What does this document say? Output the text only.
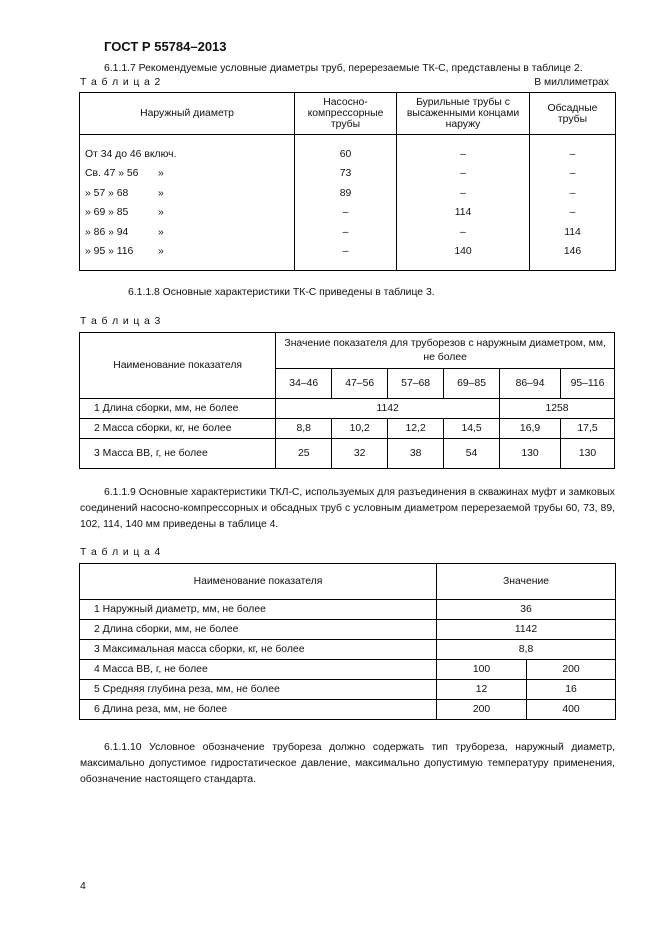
ГОСТ Р 55784–2013
6.1.1.7 Рекомендуемые условные диаметры труб, перерезаемые ТК-С, представлены в таблице 2.
Т а б л и ц а 2	В миллиметрах
Наружный диаметр	Насосно-компрессорные трубы	Бурильные трубы с высаженными концами наружу	Обсадные трубы
От 34 до 46 включ.	60	–	–
Св. 47 » 56 »	73	–	–
» 57 » 68 »	89	–	–
» 69 » 85 »	–	114	–
» 86 » 94 »	–	–	114
» 95 » 116 »	–	140	146
6.1.1.8 Основные характеристики ТК-С приведены в таблице 3.
Т а б л и ц а 3
Наименование показателя	Значение показателя для труборезов с наружным диаметром, мм, не более					
	34–46	47–56	57–68	69–85	86–94	95–116
1 Длина сборки, мм, не более	1142				1258	
2 Масса сборки, кг, не более	8,8	10,2	12,2	14,5	16,9	17,5
3 Масса ВВ, г, не более	25	32	38	54	130	130
6.1.1.9 Основные характеристики ТКЛ-С, используемых для разъединения в скважинах муфт и замковых соединений насосно-компрессорных и обсадных труб с условным диаметром перерезаемой трубы 60, 73, 89, 102, 114, 140 мм приведены в таблице 4.
Т а б л и ц а 4
Наименование показателя	Значение	
1 Наружный диаметр, мм, не более	36	
2 Длина сборки, мм, не более	1142	
3 Максимальная масса сборки, кг, не более	8,8	
4 Масса ВВ, г, не более	100	200
5 Средняя глубина реза, мм, не более	12	16
6 Длина реза, мм, не более	200	400
6.1.1.10 Условное обозначение трубореза должно содержать тип трубореза, наружный диаметр, максимально допустимое гидростатическое давление, максимально допустимую температуру применения, обозначение настоящего стандарта.
4
